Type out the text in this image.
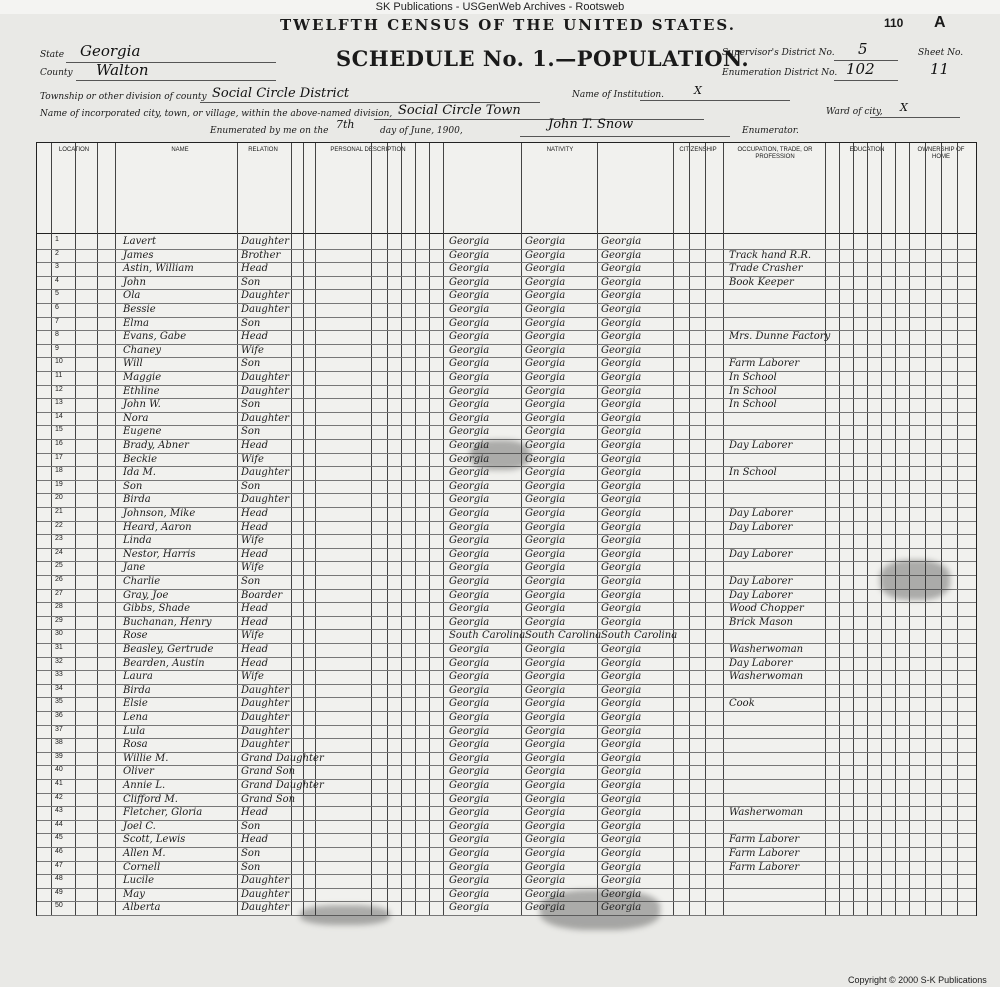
SK Publications - USGenWeb Archives - Rootsweb
TWELFTH CENSUS OF THE UNITED STATES.	110 A
SCHEDULE No. 1.—POPULATION.
State Georgia
County Walton
Township or other division of county Social Circle District	Name of Institution.	X
Name of incorporated city, town, or village, within the above-named division, Social Circle Town	Ward of city, X
Enumerated by me on the 7th	day of June, 1900,	John T. Snow	Enumerator.
Supervisor's District No. 5
Enumeration District No. 102
Sheet No.
11
LOCATION	NAME	RELATION	PERSONAL DESCRIPTION	NATIVITY	CITIZENSHIP	OCCUPATION, TRADE, OR PROFESSION
EDUCATION	OWNERSHIP OF HOME
1	Lavert	Daughter	Georgia	Georgia	Georgia
2	James	Brother	Georgia	Georgia	Georgia	Track hand R.R.
3	Astin, William	Head	Georgia	Georgia	Georgia	Trade Crasher
4	John	Son	Georgia	Georgia	Georgia	Book Keeper
5	Ola	Daughter	Georgia	Georgia	Georgia
6	Bessie	Daughter	Georgia	Georgia	Georgia
7	Elma	Son	Georgia	Georgia	Georgia
8	Evans, Gabe	Head	Georgia	Georgia	Georgia	Mrs. Dunne Factory
9	Chaney	Wife	Georgia	Georgia	Georgia
10	Will	Son	Georgia	Georgia	Georgia	Farm Laborer
11	Maggie	Daughter	Georgia	Georgia	Georgia	In School
12	Ethline	Daughter	Georgia	Georgia	Georgia	In School
13	John W.	Son	Georgia	Georgia	Georgia	In School
14	Nora	Daughter	Georgia	Georgia	Georgia
15	Eugene	Son	Georgia	Georgia	Georgia
16	Brady, Abner	Head	Georgia	Georgia	Georgia	Day Laborer
17	Beckie	Wife	Georgia	Georgia	Georgia
18	Ida M.	Daughter	Georgia	Georgia	Georgia	In School
19	Son	Son	Georgia	Georgia	Georgia
20	Birda	Daughter	Georgia	Georgia	Georgia
21	Johnson, Mike	Head	Georgia	Georgia	Georgia	Day Laborer
22	Heard, Aaron	Head	Georgia	Georgia	Georgia	Day Laborer
23	Linda	Wife	Georgia	Georgia	Georgia
24	Nestor, Harris	Head	Georgia	Georgia	Georgia	Day Laborer
25	Jane	Wife	Georgia	Georgia	Georgia
26	Charlie	Son	Georgia	Georgia	Georgia	Day Laborer
27	Gray, Joe	Boarder	Georgia	Georgia	Georgia	Day Laborer
28	Gibbs, Shade	Head	Georgia	Georgia	Georgia	Wood Chopper
29	Buchanan, Henry	Head	Georgia	Georgia	Georgia	Brick Mason
30	Rose	Wife	South Carolina South Carolina South Carolina
31	Beasley, Gertrude	Head	Georgia	Georgia	Georgia	Washerwoman
32	Bearden, Austin	Head	Georgia	Georgia	Georgia	Day Laborer
33	Laura	Wife	Georgia	Georgia	Georgia	Washerwoman
34	Birda	Daughter	Georgia	Georgia	Georgia
35	Elsie	Daughter	Georgia	Georgia	Georgia	Cook
36	Lena	Daughter	Georgia	Georgia	Georgia
37	Lula	Daughter	Georgia	Georgia	Georgia
38	Rosa	Daughter	Georgia	Georgia	Georgia
39	Willie M.	Grand Daughter	Georgia	Georgia	Georgia
40	Oliver	Grand Son	Georgia	Georgia	Georgia
41	Annie L.	Grand Daughter	Georgia	Georgia	Georgia
42	Clifford M.	Grand Son	Georgia	Georgia	Georgia
43	Fletcher, Gloria	Head	Georgia	Georgia	Georgia	Washerwoman
44	Joel C.	Son	Georgia	Georgia	Georgia
45	Scott, Lewis	Head	Georgia	Georgia	Georgia	Farm Laborer
46	Allen M.	Son	Georgia	Georgia	Georgia	Farm Laborer
47	Cornell	Son	Georgia	Georgia	Georgia	Farm Laborer
48	Lucile	Daughter	Georgia	Georgia	Georgia
49	May	Daughter	Georgia	Georgia	Georgia
50	Alberta	Daughter	Georgia	Georgia	Georgia
Copyright © 2000 S-K Publications
